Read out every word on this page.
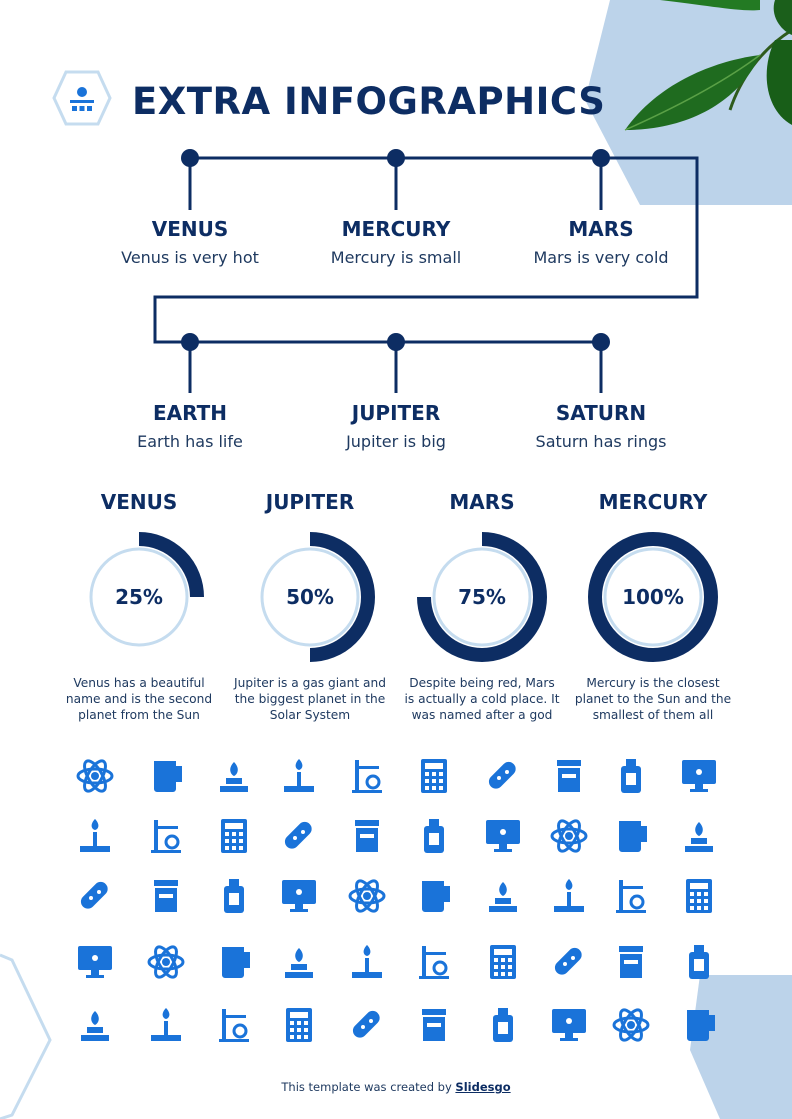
EXTRA INFOGRAPHICS
VENUS
Venus is very hot
MERCURY
Mercury is small
MARS
Mars is very cold
EARTH
Earth has life
JUPITER
Jupiter is big
SATURN
Saturn has rings
VENUS	JUPITER	MARS	MERCURY
25%	50%	75%	100%
Venus has a beautiful
name and is the second
planet from the Sun
Jupiter is a gas giant and
the biggest planet in the
Solar System
Despite being red, Mars
is actually a cold place. It
was named after a god
Mercury is the closest
planet to the Sun and the
smallest of them all
This template was created by Slidesgo
